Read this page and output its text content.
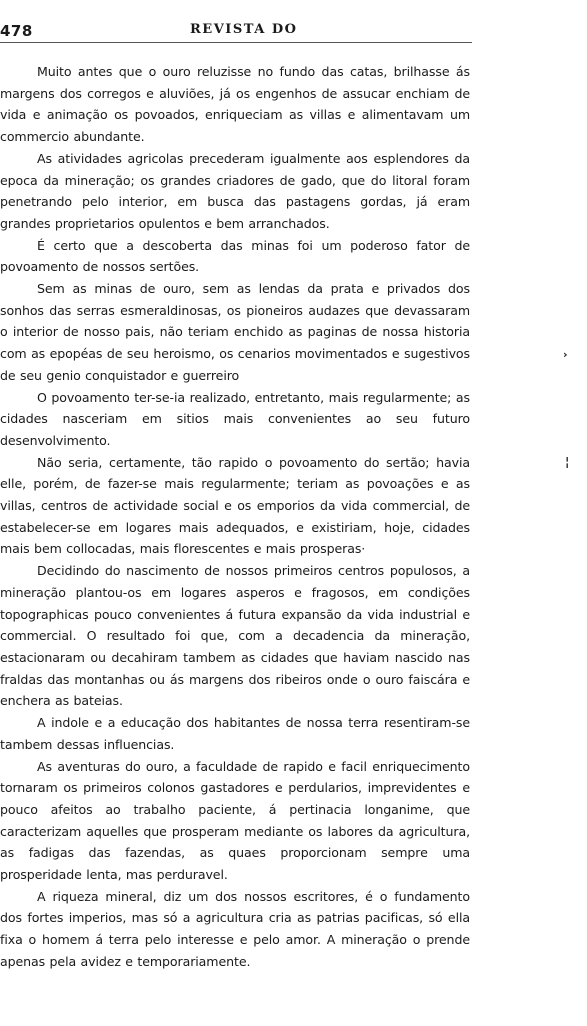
478	REVISTA DO

Muito antes que o ouro reluzisse no fundo das catas, brilhasse ás margens dos corregos e aluviões, já os engenhos de assucar enchiam de vida e animação os povoados, enriqueciam as villas e alimentavam um commercio abundante.

As atividades agricolas precederam igualmente aos esplendores da epoca da mineração; os grandes criadores de gado, que do litoral foram penetrando pelo interior, em busca das pastagens gordas, já eram grandes proprietarios opulentos e bem arranchados.

É certo que a descoberta das minas foi um poderoso fator de povoamento de nossos sertões.

Sem as minas de ouro, sem as lendas da prata e privados dos sonhos das serras esmeraldinosas, os pioneiros audazes que devassaram o interior de nosso pais, não teriam enchido as paginas de nossa historia com as epopéas de seu heroismo, os cenarios movimentados e sugestivos de seu genio conquistador e guerreiro

O povoamento ter-se-ia realizado, entretanto, mais regularmente; as cidades nasceriam em sitios mais convenientes ao seu futuro desenvolvimento.

Não seria, certamente, tão rapido o povoamento do sertão; havia elle, porém, de fazer-se mais regularmente; teriam as povoações e as villas, centros de actividade social e os emporios da vida commercial, de estabelecer-se em logares mais adequados, e existiriam, hoje, cidades mais bem collocadas, mais florescentes e mais prosperas·

Decidindo do nascimento de nossos primeiros centros populosos, a mineração plantou-os em logares asperos e fragosos, em condições topographicas pouco convenientes á futura expansão da vida industrial e commercial. O resultado foi que, com a decadencia da mineração, estacionaram ou decahiram tambem as cidades que haviam nascido nas fraldas das montanhas ou ás margens dos ribeiros onde o ouro faiscára e enchera as bateias.

A indole e a educação dos habitantes de nossa terra resentiram-se tambem dessas influencias.

As aventuras do ouro, a faculdade de rapido e facil enriquecimento tornaram os primeiros colonos gastadores e perdularios, imprevidentes e pouco afeitos ao trabalho paciente, á pertinacia longanime, que caracterizam aquelles que prosperam mediante os labores da agricultura, as fadigas das fazendas, as quaes proporcionam sempre uma prosperidade lenta, mas perduravel.

A riqueza mineral, diz um dos nossos escritores, é o fundamento dos fortes imperios, mas só a agricultura cria as patrias pacificas, só ella fixa o homem á terra pelo interesse e pelo amor. A mineração o prende apenas pela avidez e temporariamente.

›
¦
